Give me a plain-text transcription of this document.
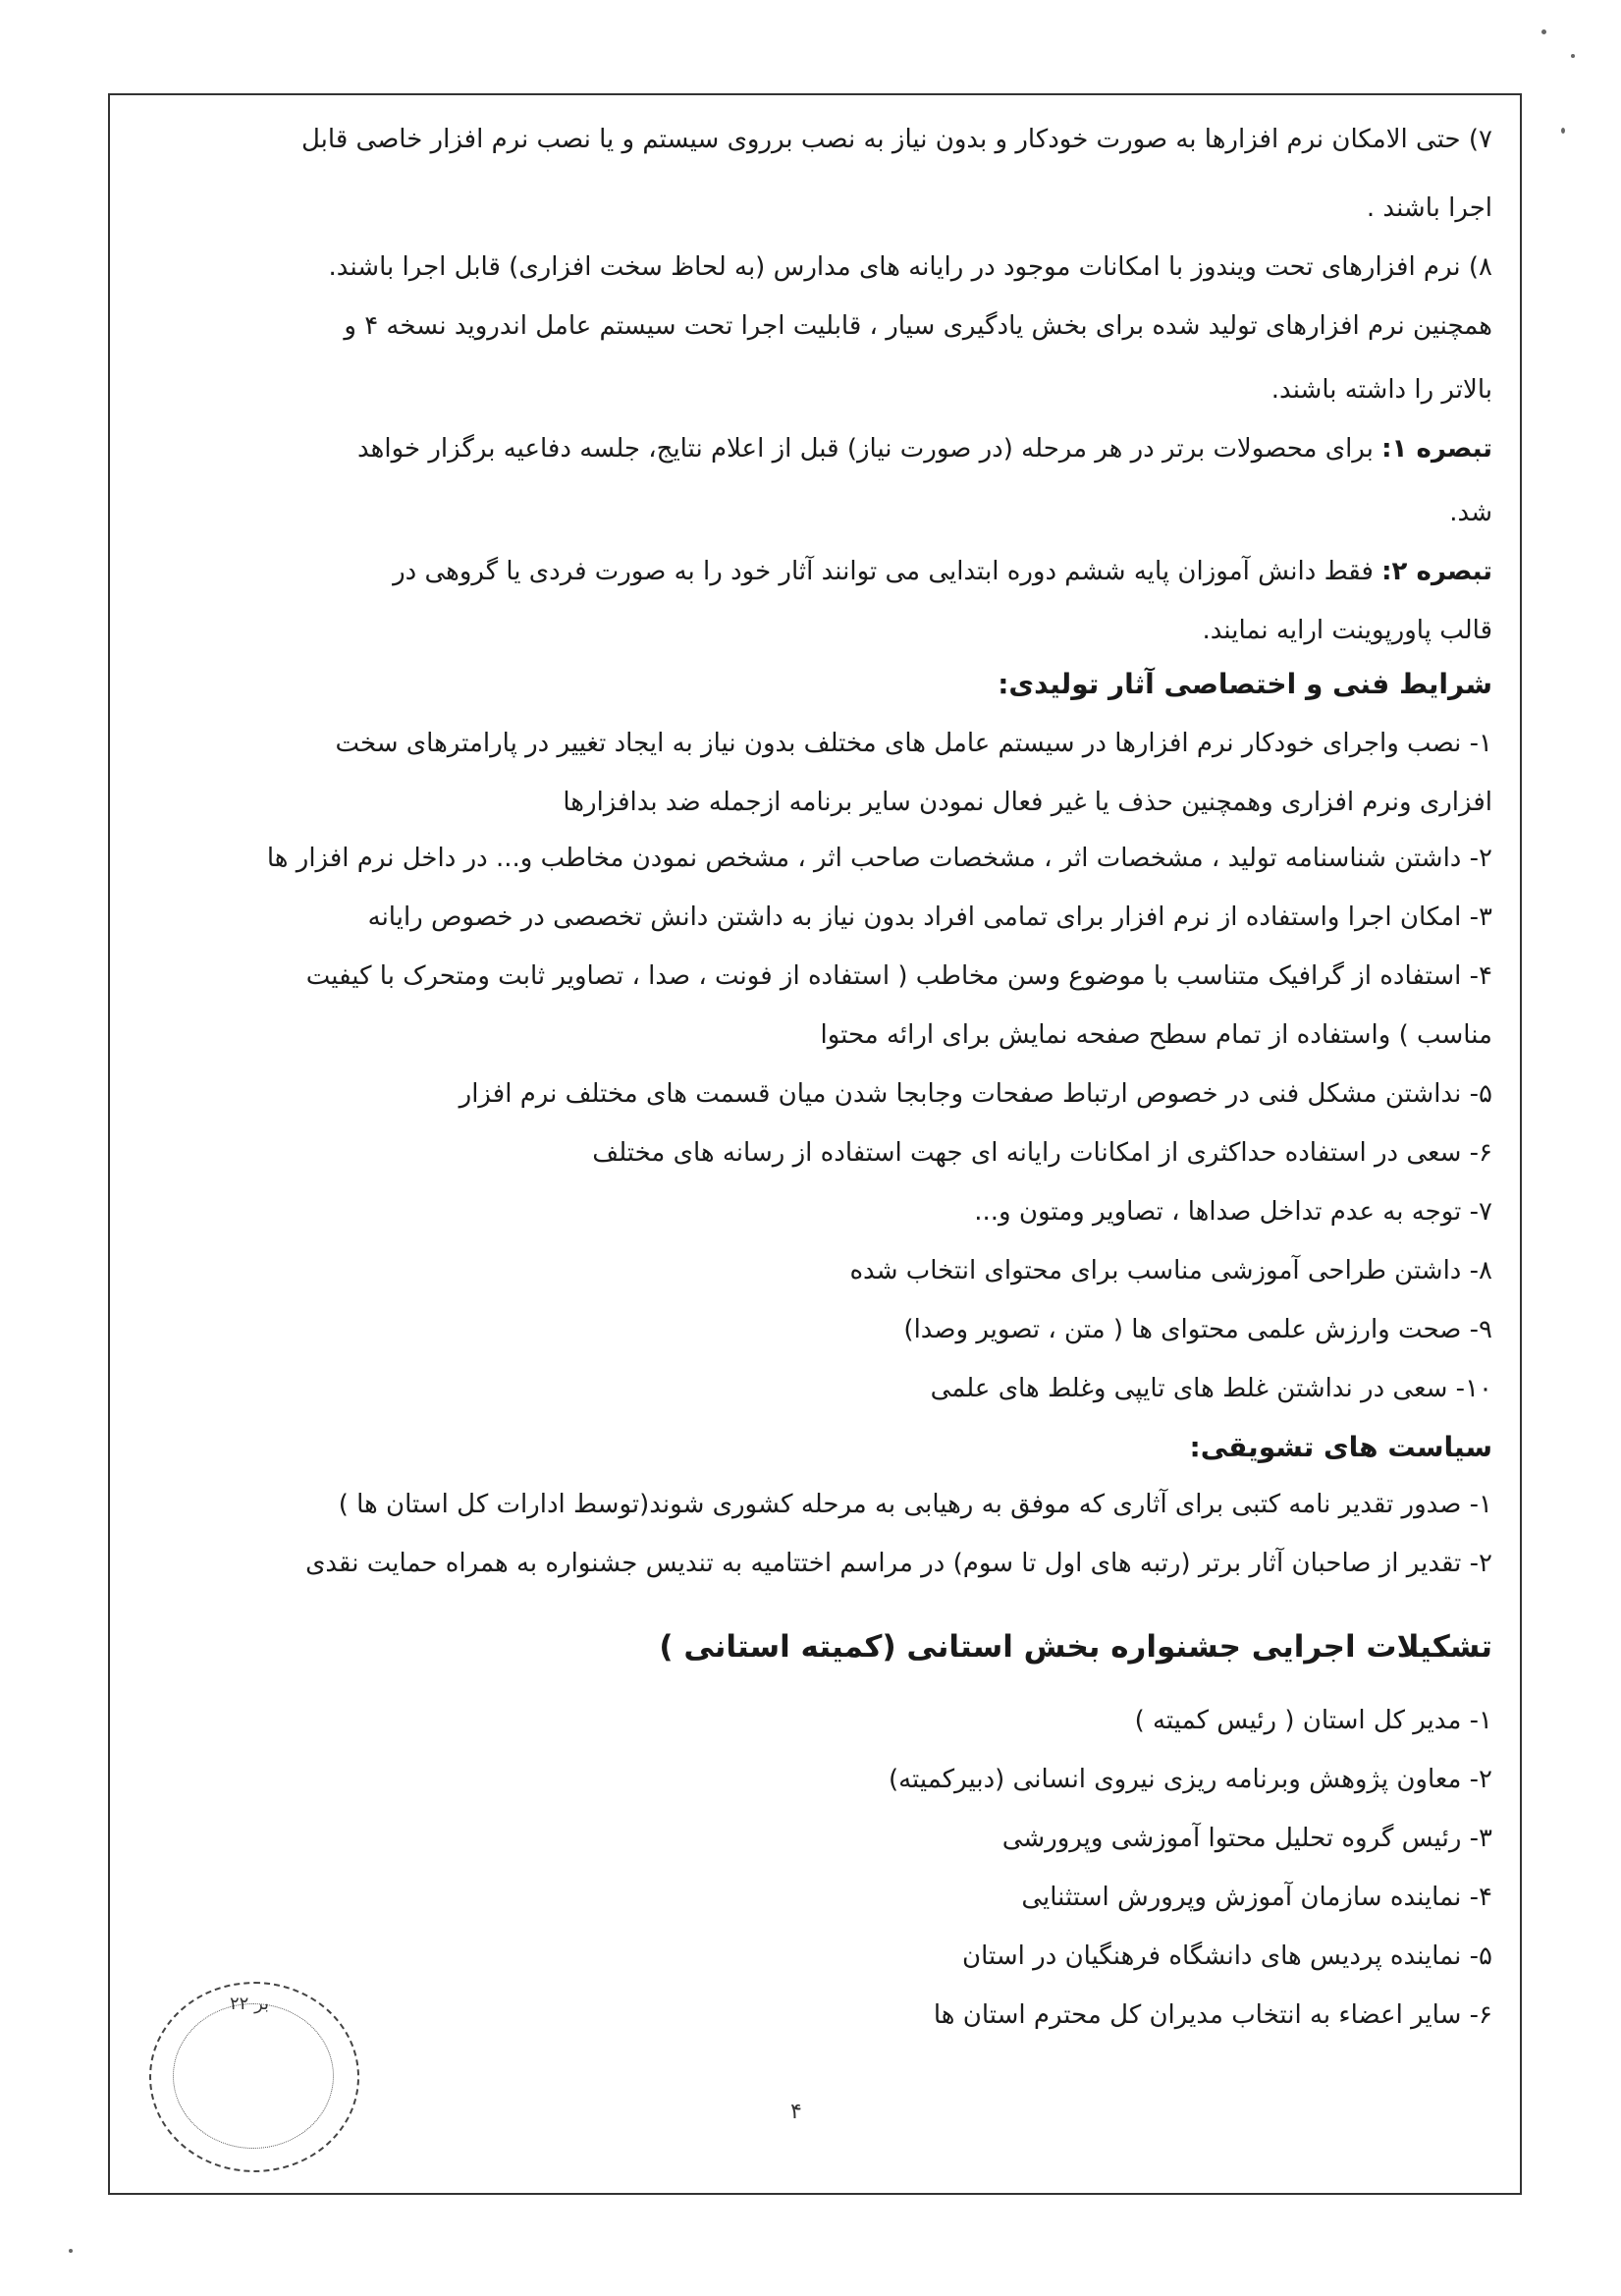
۷) حتی الامکان نرم افزارها به صورت خودکار و بدون نیاز به نصب برروی سیستم و یا نصب نرم افزار خاصی قابل
اجرا باشند .
۸) نرم افزارهای تحت ویندوز با امکانات موجود در رایانه های مدارس (به لحاظ سخت افزاری) قابل اجرا باشند.
همچنین نرم افزارهای تولید شده برای بخش یادگیری سیار ، قابلیت اجرا تحت سیستم عامل اندروید نسخه ۴ و
بالاتر را داشته باشند.
تبصره ۱: برای محصولات برتر در هر مرحله (در صورت نیاز) قبل از اعلام نتایج، جلسه دفاعیه برگزار خواهد
شد.
تبصره ۲: فقط دانش آموزان پایه ششم دوره ابتدایی می توانند آثار خود را به صورت فردی یا گروهی در
قالب پاورپوینت ارایه نمایند.
شرایط فنی و اختصاصی آثار تولیدی:
۱- نصب واجرای خودکار نرم افزارها در سیستم عامل های مختلف بدون نیاز به ایجاد تغییر در پارامترهای سخت
افزاری ونرم افزاری وهمچنین حذف یا غیر فعال نمودن سایر برنامه ازجمله ضد بدافزارها
۲- داشتن شناسنامه تولید ، مشخصات اثر ، مشخصات صاحب اثر ، مشخص نمودن مخاطب و... در داخل نرم افزار ها
۳- امکان اجرا واستفاده از نرم افزار برای تمامی افراد بدون نیاز به داشتن دانش تخصصی در خصوص رایانه
۴- استفاده از گرافیک متناسب با موضوع وسن مخاطب ( استفاده از فونت ، صدا ، تصاویر ثابت ومتحرک با کیفیت
مناسب ) واستفاده از تمام سطح صفحه نمایش برای ارائه محتوا
۵- نداشتن مشکل فنی در خصوص ارتباط صفحات وجابجا شدن میان قسمت های مختلف نرم افزار
۶- سعی در استفاده حداکثری از امکانات رایانه ای جهت استفاده از رسانه های مختلف
۷- توجه به عدم تداخل صداها ، تصاویر ومتون و...
۸- داشتن طراحی آموزشی مناسب برای محتوای انتخاب شده
۹- صحت وارزش علمی محتوای ها ( متن ، تصویر وصدا)
۱۰- سعی در نداشتن غلط های تایپی وغلط های علمی
سیاست های تشویقی:
۱- صدور تقدیر نامه کتبی برای آثاری که موفق به رهیابی به مرحله کشوری شوند(توسط ادارات کل استان ها )
۲- تقدیر از صاحبان آثار برتر (رتبه های اول تا سوم) در مراسم اختتامیه به تندیس جشنواره به همراه حمایت نقدی
تشکیلات اجرایی جشنواره بخش استانی (کمیته استانی )
۱- مدیر کل استان ( رئیس کمیته )
۲- معاون پژوهش وبرنامه ریزی نیروی انسانی (دبیرکمیته)
۳- رئیس گروه تحلیل محتوا آموزشی وپرورشی
۴- نماینده سازمان آموزش وپرورش استثنایی
۵- نماینده پردیس های دانشگاه فرهنگیان در استان
۶- سایر اعضاء به انتخاب مدیران کل محترم استان ها
۲۲ بر
۴
